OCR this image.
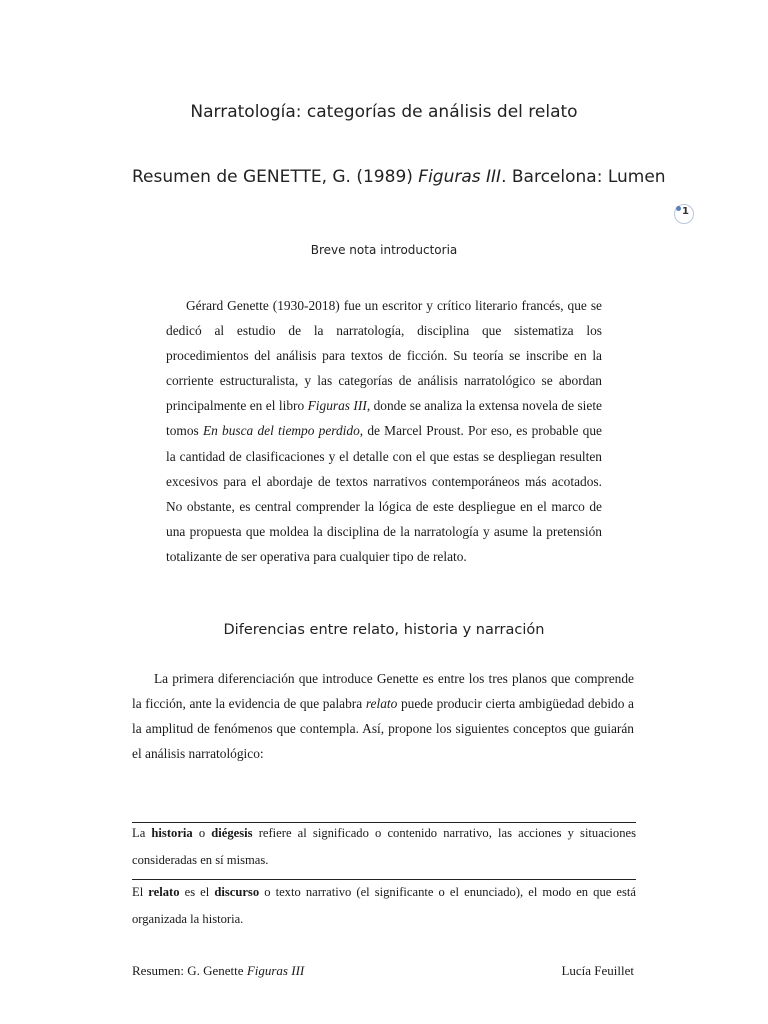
Narratología: categorías de análisis del relato
Resumen de GENETTE, G. (1989) Figuras III. Barcelona: Lumen
1
Breve nota introductoria
Gérard Genette (1930-2018) fue un escritor y crítico literario francés, que se dedicó al estudio de la narratología, disciplina que sistematiza los procedimientos del análisis para textos de ficción. Su teoría se inscribe en la corriente estructuralista, y las categorías de análisis narratológico se abordan principalmente en el libro Figuras III, donde se analiza la extensa novela de siete tomos En busca del tiempo perdido, de Marcel Proust. Por eso, es probable que la cantidad de clasificaciones y el detalle con el que estas se despliegan resulten excesivos para el abordaje de textos narrativos contemporáneos más acotados. No obstante, es central comprender la lógica de este despliegue en el marco de una propuesta que moldea la disciplina de la narratología y asume la pretensión totalizante de ser operativa para cualquier tipo de relato.
Diferencias entre relato, historia y narración
La primera diferenciación que introduce Genette es entre los tres planos que comprende la ficción, ante la evidencia de que palabra relato puede producir cierta ambigüedad debido a la amplitud de fenómenos que contempla. Así, propone los siguientes conceptos que guiarán el análisis narratológico:
La historia o diégesis refiere al significado o contenido narrativo, las acciones y situaciones consideradas en sí mismas.
El relato es el discurso o texto narrativo (el significante o el enunciado), el modo en que está organizada la historia.
Resumen: G. Genette Figuras III	Lucía Feuillet
